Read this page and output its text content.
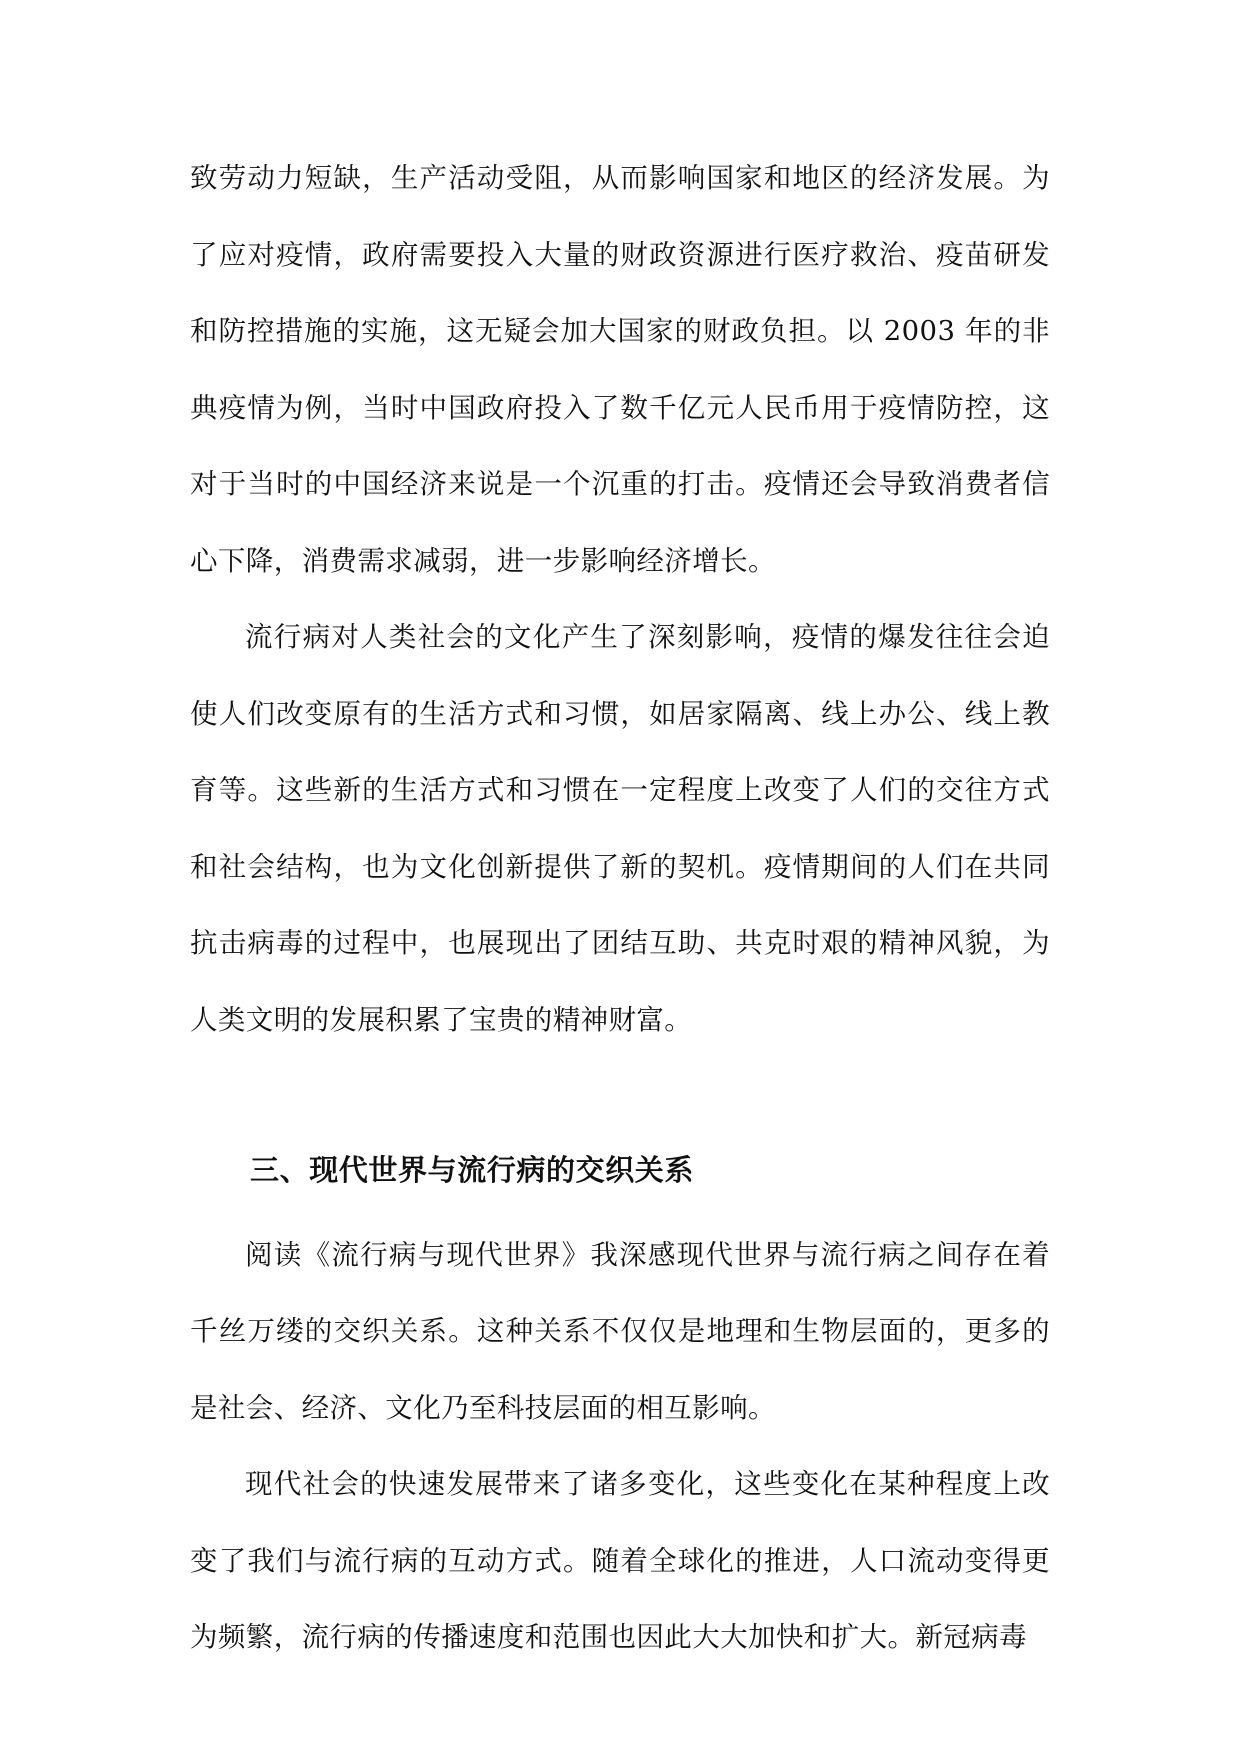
致劳动力短缺，生产活动受阻，从而影响国家和地区的经济发展。为了应对疫情，政府需要投入大量的财政资源进行医疗救治、疫苗研发和防控措施的实施，这无疑会加大国家的财政负担。以 2003 年的非典疫情为例，当时中国政府投入了数千亿元人民币用于疫情防控，这对于当时的中国经济来说是一个沉重的打击。疫情还会导致消费者信心下降，消费需求减弱，进一步影响经济增长。

流行病对人类社会的文化产生了深刻影响，疫情的爆发往往会迫使人们改变原有的生活方式和习惯，如居家隔离、线上办公、线上教育等。这些新的生活方式和习惯在一定程度上改变了人们的交往方式和社会结构，也为文化创新提供了新的契机。疫情期间的人们在共同抗击病毒的过程中，也展现出了团结互助、共克时艰的精神风貌，为人类文明的发展积累了宝贵的精神财富。

三、现代世界与流行病的交织关系

阅读《流行病与现代世界》我深感现代世界与流行病之间存在着千丝万缕的交织关系。这种关系不仅仅是地理和生物层面的，更多的是社会、经济、文化乃至科技层面的相互影响。

现代社会的快速发展带来了诸多变化，这些变化在某种程度上改变了我们与流行病的互动方式。随着全球化的推进，人口流动变得更为频繁，流行病的传播速度和范围也因此大大加快和扩大。新冠病毒
